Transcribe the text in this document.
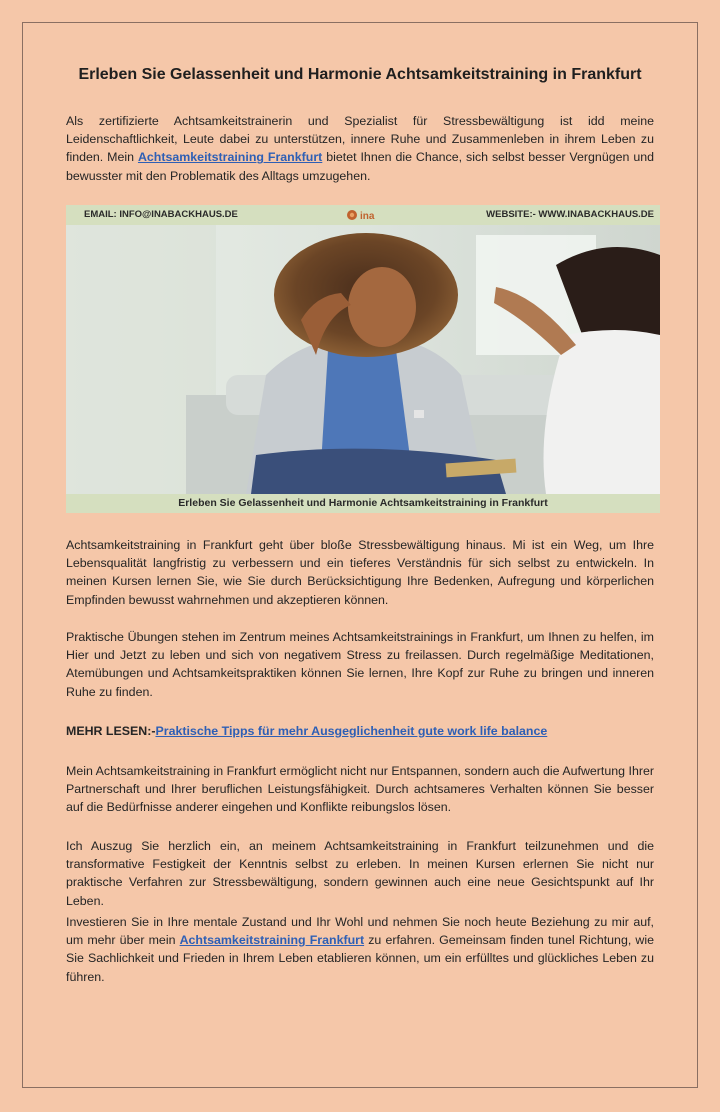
Erleben Sie Gelassenheit und Harmonie Achtsamkeitstraining in Frankfurt

Als zertifizierte Achtsamkeitstrainerin und Spezialist für Stressbewältigung ist idd meine Leidenschaftlichkeit, Leute dabei zu unterstützen, innere Ruhe und Zusammenleben in ihrem Leben zu finden. Mein Achtsamkeitstraining Frankfurt bietet Ihnen die Chance, sich selbst besser Vergnügen und bewusster mit den Problematik des Alltags umzugehen.

EMAIL: INFO@INABACKHAUS.DE	ina	WEBSITE:- WWW.INABACKHAUS.DE
Erleben Sie Gelassenheit und Harmonie Achtsamkeitstraining in Frankfurt

Achtsamkeitstraining in Frankfurt geht über bloße Stressbewältigung hinaus. Mi ist ein Weg, um Ihre Lebensqualität langfristig zu verbessern und ein tieferes Verständnis für sich selbst zu entwickeln. In meinen Kursen lernen Sie, wie Sie durch Berücksichtigung Ihre Bedenken, Aufregung und körperlichen Empfinden bewusst wahrnehmen und akzeptieren können.

Praktische Übungen stehen im Zentrum meines Achtsamkeitstrainings in Frankfurt, um Ihnen zu helfen, im Hier und Jetzt zu leben und sich von negativem Stress zu freilassen. Durch regelmäßige Meditationen, Atemübungen und Achtsamkeitspraktiken können Sie lernen, Ihre Kopf zur Ruhe zu bringen und inneren Ruhe zu finden.

MEHR LESEN:-Praktische Tipps für mehr Ausgeglichenheit gute work life balance

Mein Achtsamkeitstraining in Frankfurt ermöglicht nicht nur Entspannen, sondern auch die Aufwertung Ihrer Partnerschaft und Ihrer beruflichen Leistungsfähigkeit. Durch achtsameres Verhalten können Sie besser auf die Bedürfnisse anderer eingehen und Konflikte reibungslos lösen.

Ich Auszug Sie herzlich ein, an meinem Achtsamkeitstraining in Frankfurt teilzunehmen und die transformative Festigkeit der Kenntnis selbst zu erleben. In meinen Kursen erlernen Sie nicht nur praktische Verfahren zur Stressbewältigung, sondern gewinnen auch eine neue Gesichtspunkt auf Ihr Leben.

Investieren Sie in Ihre mentale Zustand und Ihr Wohl und nehmen Sie noch heute Beziehung zu mir auf, um mehr über mein Achtsamkeitstraining Frankfurt zu erfahren. Gemeinsam finden tunel Richtung, wie Sie Sachlichkeit und Frieden in Ihrem Leben etablieren können, um ein erfülltes und glückliches Leben zu führen.
